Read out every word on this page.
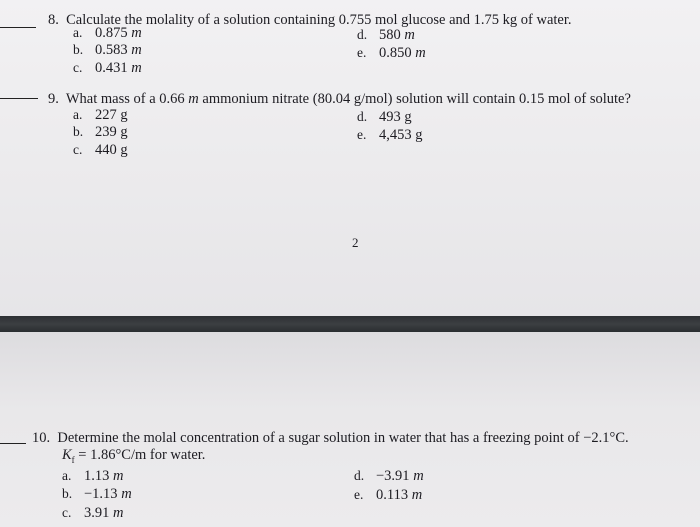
8. Calculate the molality of a solution containing 0.755 mol glucose and 1.75 kg of water.
a. 0.875 m
b. 0.583 m
c. 0.431 m
d. 580 m
e. 0.850 m
9. What mass of a 0.66 m ammonium nitrate (80.04 g/mol) solution will contain 0.15 mol of solute?
a. 227 g
b. 239 g
c. 440 g
d. 493 g
e. 4,453 g
2
10. Determine the molal concentration of a sugar solution in water that has a freezing point of −2.1°C.
$K_f = 1.86^\circ C/m$ for water.
a. 1.13 m
b. −1.13 m
c. 3.91 m
d. −3.91 m
e. 0.113 m
